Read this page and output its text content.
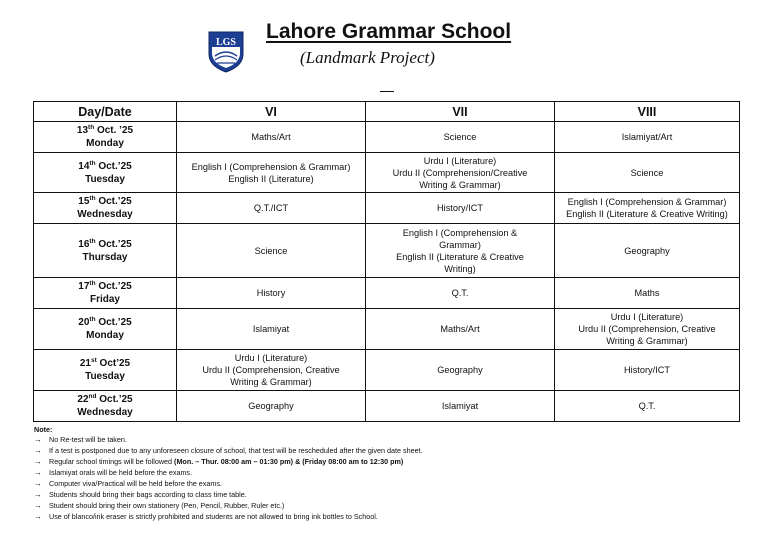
LGS Lahore Grammar School
(Landmark Project)
Day/Date	VI	VII	VIII

13th Oct. ’25
Monday	Maths/Art	Science	Islamiyat/Art

14th Oct.’25
Tuesday	English I (Comprehension & Grammar)
English II (Literature)	Urdu I (Literature)
Urdu II (Comprehension/Creative
Writing & Grammar)	Science

15th Oct.’25
Wednesday	Q.T./ICT	History/ICT	English I (Comprehension & Grammar)
English II (Literature & Creative Writing)

16th Oct.’25
Thursday	Science	English I (Comprehension &
Grammar)
English II (Literature & Creative
Writing)	Geography

17th Oct.’25
Friday	History	Q.T.	Maths

20th Oct.’25
Monday	Islamiyat	Maths/Art	Urdu I (Literature)
Urdu II (Comprehension, Creative
Writing & Grammar)

21st Oct’25
Tuesday	Urdu I (Literature)
Urdu II (Comprehension, Creative
Writing & Grammar)	Geography	History/ICT

22nd Oct.’25
Wednesday	Geography	Islamiyat	Q.T.
Note:
→ No Re-test will be taken.
→ If a test is postponed due to any unforeseen closure of school, that test will be rescheduled after the given date sheet.
→ Regular school timings will be followed (Mon. – Thur. 08:00 am – 01:30 pm) & (Friday 08:00 am to 12:30 pm)
→ Islamiyat orals will be held before the exams.
→ Computer viva/Practical will be held before the exams.
→ Students should bring their bags according to class time table.
→ Student should bring their own stationery (Pen, Pencil, Rubber, Ruler etc.)
→ Use of blanco/ink eraser is strictly prohibited and students are not allowed to bring ink bottles to School.
